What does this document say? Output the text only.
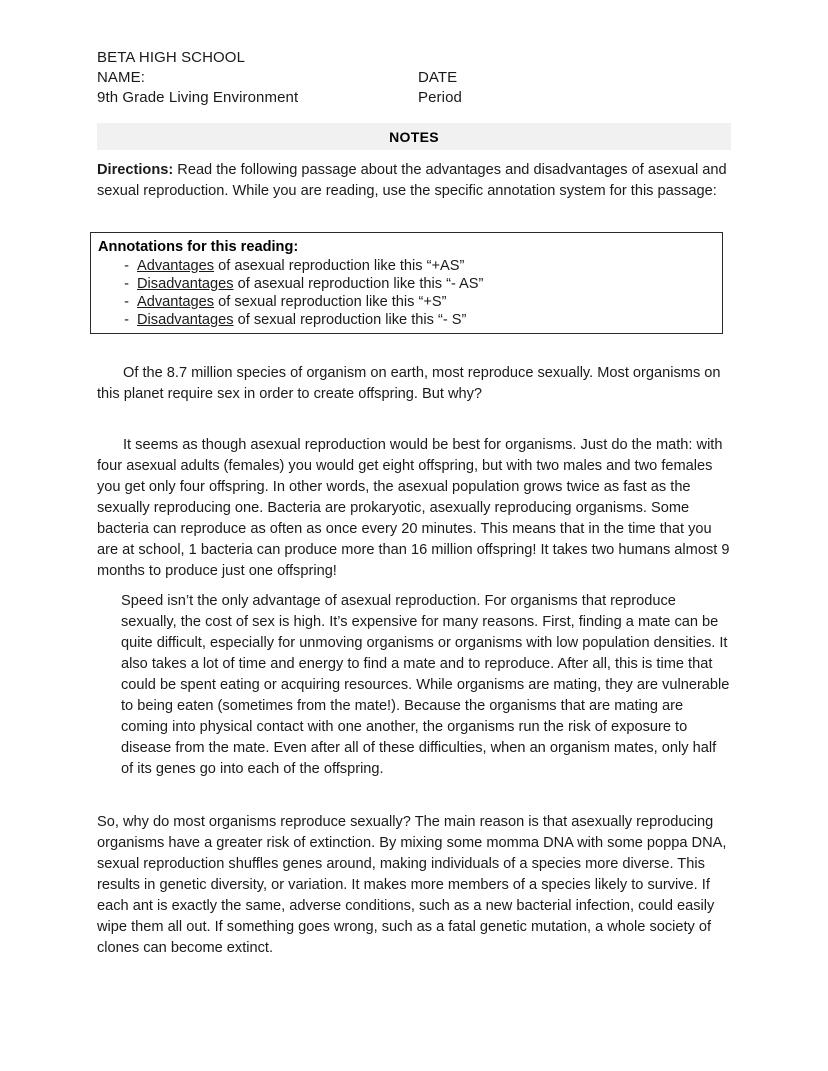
BETA HIGH SCHOOL
NAME:	DATE
9th Grade Living Environment	Period
NOTES
Directions: Read the following passage about the advantages and disadvantages of asexual and sexual reproduction. While you are reading, use the specific annotation system for this passage:
Annotations for this reading:
- Advantages of asexual reproduction like this “+AS”
- Disadvantages of asexual reproduction like this “- AS”
- Advantages of sexual reproduction like this “+S”
- Disadvantages of sexual reproduction like this “- S”

Of the 8.7 million species of organism on earth, most reproduce sexually. Most organisms on this planet require sex in order to create offspring. But why?

It seems as though asexual reproduction would be best for organisms. Just do the math: with four asexual adults (females) you would get eight offspring, but with two males and two females you get only four offspring. In other words, the asexual population grows twice as fast as the sexually reproducing one. Bacteria are prokaryotic, asexually reproducing organisms. Some bacteria can reproduce as often as once every 20 minutes. This means that in the time that you are at school, 1 bacteria can produce more than 16 million offspring! It takes two humans almost 9 months to produce just one offspring!

Speed isn’t the only advantage of asexual reproduction. For organisms that reproduce sexually, the cost of sex is high. It’s expensive for many reasons. First, finding a mate can be quite difficult, especially for unmoving organisms or organisms with low population densities. It also takes a lot of time and energy to find a mate and to reproduce. After all, this is time that could be spent eating or acquiring resources. While organisms are mating, they are vulnerable to being eaten (sometimes from the mate!). Because the organisms that are mating are coming into physical contact with one another, the organisms run the risk of exposure to disease from the mate. Even after all of these difficulties, when an organism mates, only half of its genes go into each of the offspring.

So, why do most organisms reproduce sexually? The main reason is that asexually reproducing organisms have a greater risk of extinction. By mixing some momma DNA with some poppa DNA, sexual reproduction shuffles genes around, making individuals of a species more diverse. This results in genetic diversity, or variation. It makes more members of a species likely to survive. If each ant is exactly the same, adverse conditions, such as a new bacterial infection, could easily wipe them all out. If something goes wrong, such as a fatal genetic mutation, a whole society of clones can become extinct.
